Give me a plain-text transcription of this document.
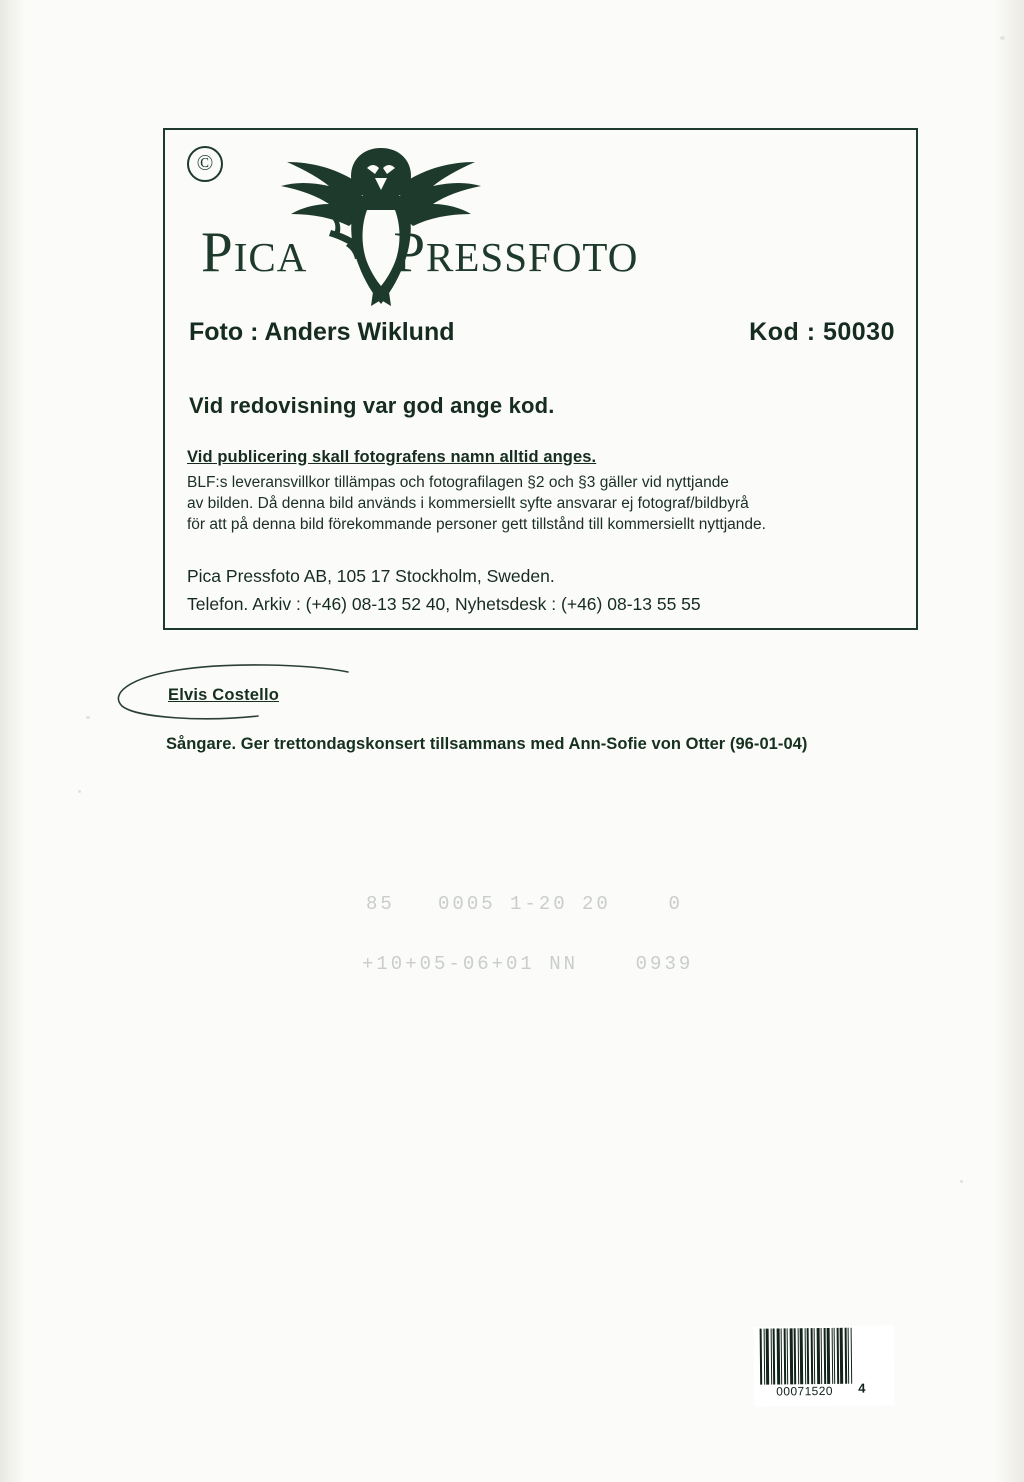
©
PICA PRESSFOTO
Foto : Anders Wiklund	Kod : 50030
Vid redovisning var god ange kod.
Vid publicering skall fotografens namn alltid anges.
BLF:s leveransvillkor tillämpas och fotografilagen §2 och §3 gäller vid nyttjande
av bilden. Då denna bild används i kommersiellt syfte ansvarar ej fotograf/bildbyrå
för att på denna bild förekommande personer gett tillstånd till kommersiellt nyttjande.
Pica Pressfoto AB, 105 17 Stockholm, Sweden.
Telefon. Arkiv : (+46) 08-13 52 40, Nyhetsdesk : (+46) 08-13 55 55
Elvis Costello
Sångare. Ger trettondagskonsert tillsammans med Ann-Sofie von Otter (96-01-04)
85   0005 1-20 20    0
+10+05-06+01 NN    0939
00071520 4
